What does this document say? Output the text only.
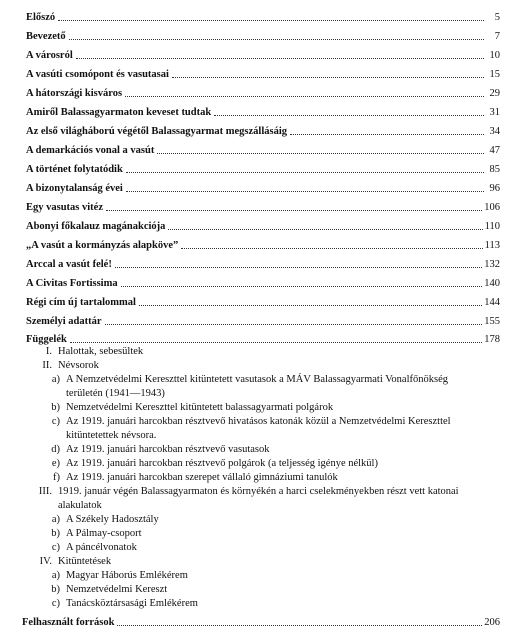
Előszó	5
Bevezető	7
A városról	10
A vasúti csomópont és vasutasai	15
A hátországi kisváros	29
Amiről Balassagyarmaton keveset tudtak	31
Az első világháború végétől Balassagyarmat megszállásáig	34
A demarkációs vonal a vasút	47
A történet folytatódik	85
A bizonytalanság évei	96
Egy vasutas vitéz	106
Abonyi főkalauz magánakciója	110
„A vasút a kormányzás alapköve”	113
Arccal a vasút felé!	132
A Civitas Fortissima	140
Régi cím új tartalommal	144
Személyi adattár	155
Függelék	178
I. Halottak, sebesültek
II. Névsorok
a) A Nemzetvédelmi Kereszttel kitüntetett vasutasok a MÁV Balassagyarmati Vonalfőnökség
területén (1941—1943)
b) Nemzetvédelmi Kereszttel kitüntetett balassagyarmati polgárok
c) Az 1919. januári harcokban résztvevő hivatásos katonák közül a Nemzetvédelmi Kereszttel
kitüntetettek névsora.
d) Az 1919. januári harcokban résztvevő vasutasok
e) Az 1919. januári harcokban résztvevő polgárok (a teljesség igénye nélkül)
f) Az 1919. januári harcokban szerepet vállaló gimnáziumi tanulók
III. 1919. január végén Balassagyarmaton és környékén a harci cselekményekben részt vett katonai
alakulatok
a) A Székely Hadosztály
b) A Pálmay-csoport
c) A páncélvonatok
IV. Kitüntetések
a) Magyar Háborús Emlékérem
b) Nemzetvédelmi Kereszt
c) Tanácsköztársasági Emlékérem
Felhasznált források	206
